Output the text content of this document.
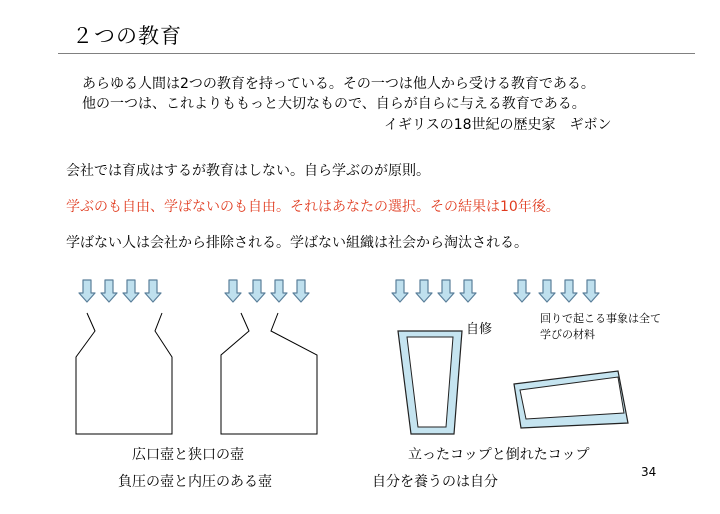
２つの教育
あらゆる人間は2つの教育を持っている。その一つは他人から受ける教育である。
他の一つは、これよりももっと大切なもので、自らが自らに与える教育である。
イギリスの18世紀の歴史家　ギボン
会社では育成はするが教育はしない。自ら学ぶのが原則。
学ぶのも自由、学ばないのも自由。それはあなたの選択。その結果は10年後。
学ばない人は会社から排除される。学ばない組織は社会から淘汰される。
自修
回りで起こる事象は全て学びの材料
広口壺と狭口の壺	立ったコップと倒れたコップ
負圧の壺と内圧のある壺	自分を養うのは自分
34
